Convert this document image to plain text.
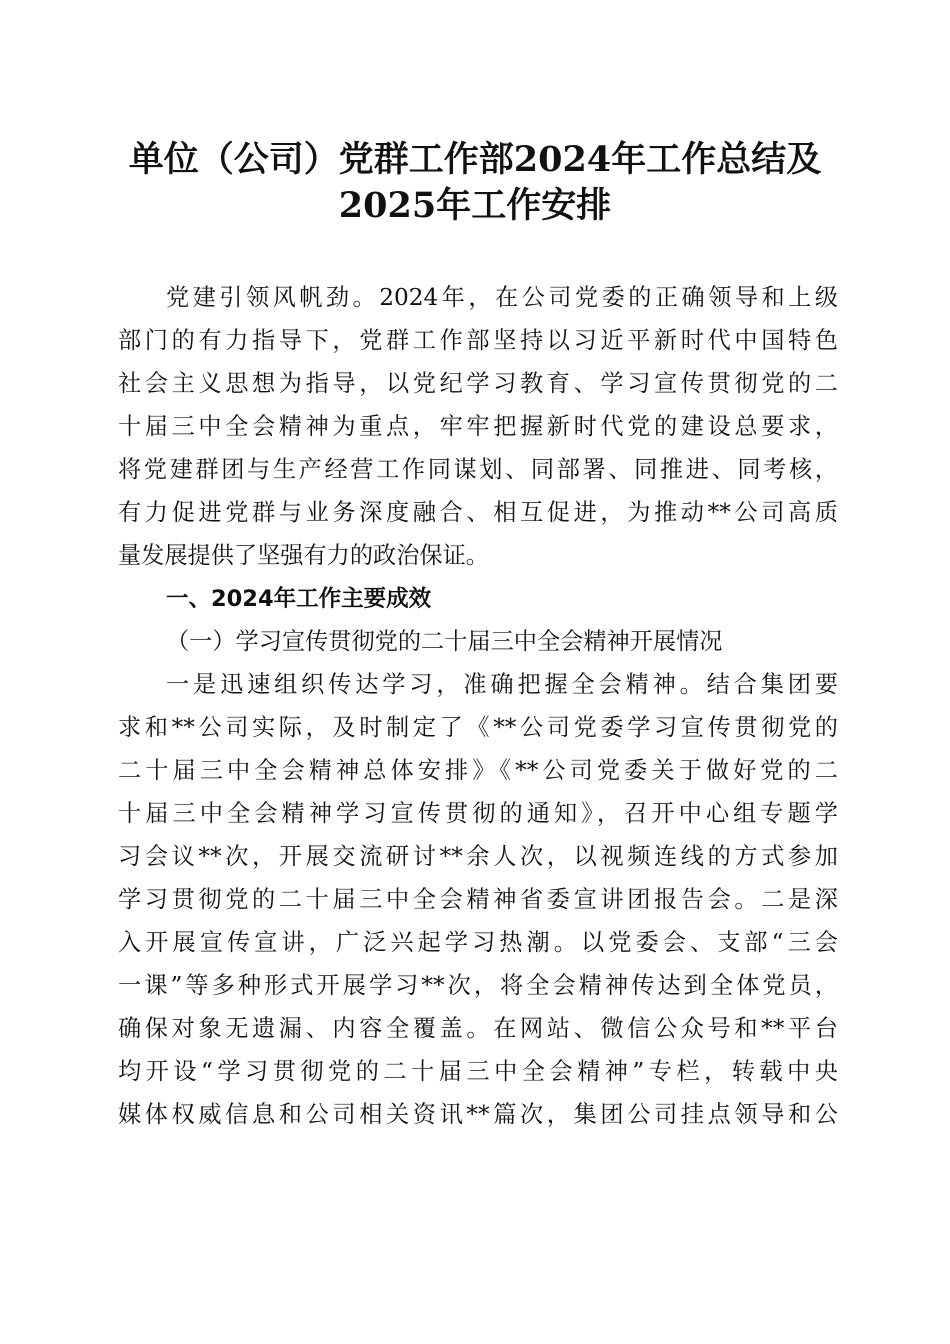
单位（公司）党群工作部2024年工作总结及
2025年工作安排
党建引领风帆劲。2024年，在公司党委的正确领导和上级
部门的有力指导下，党群工作部坚持以习近平新时代中国特色
社会主义思想为指导，以党纪学习教育、学习宣传贯彻党的二
十届三中全会精神为重点，牢牢把握新时代党的建设总要求，
将党建群团与生产经营工作同谋划、同部署、同推进、同考核，
有力促进党群与业务深度融合、相互促进，为推动**公司高质
量发展提供了坚强有力的政治保证。
一、2024年工作主要成效
（一）学习宣传贯彻党的二十届三中全会精神开展情况
一是迅速组织传达学习，准确把握全会精神。结合集团要
求和**公司实际，及时制定了《**公司党委学习宣传贯彻党的
二十届三中全会精神总体安排》《**公司党委关于做好党的二
十届三中全会精神学习宣传贯彻的通知》，召开中心组专题学
习会议**次，开展交流研讨**余人次，以视频连线的方式参加
学习贯彻党的二十届三中全会精神省委宣讲团报告会。二是深
入开展宣传宣讲，广泛兴起学习热潮。以党委会、支部“三会
一课”等多种形式开展学习**次，将全会精神传达到全体党员，
确保对象无遗漏、内容全覆盖。在网站、微信公众号和**平台
均开设“学习贯彻党的二十届三中全会精神”专栏，转载中央
媒体权威信息和公司相关资讯**篇次，集团公司挂点领导和公
